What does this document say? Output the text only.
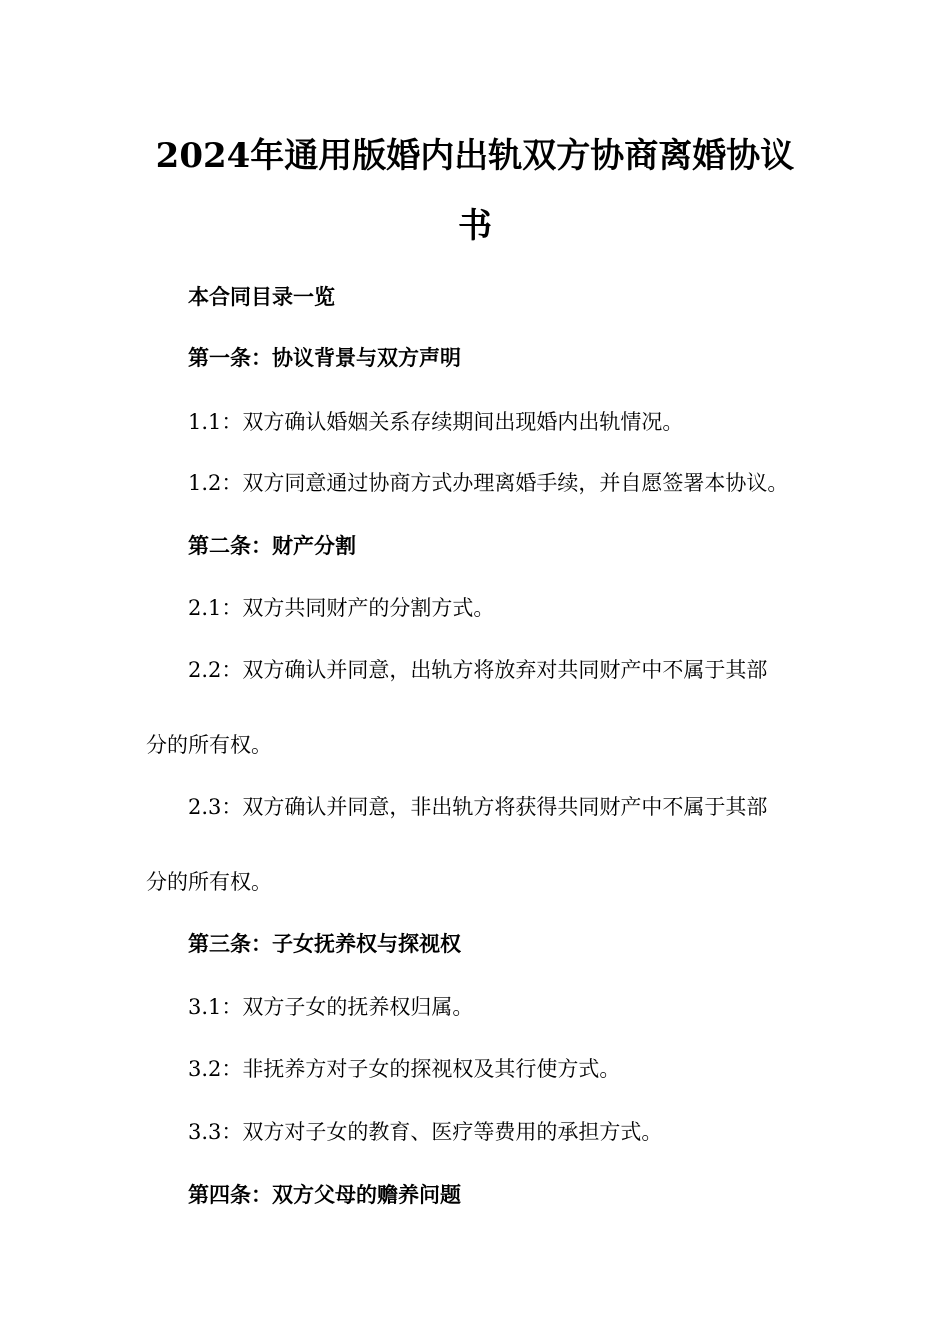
2024年通用版婚内出轨双方协商离婚协议
书
本合同目录一览
第一条：协议背景与双方声明
1.1：双方确认婚姻关系存续期间出现婚内出轨情况。
1.2：双方同意通过协商方式办理离婚手续，并自愿签署本协议。
第二条：财产分割
2.1：双方共同财产的分割方式。
2.2：双方确认并同意，出轨方将放弃对共同财产中不属于其部
分的所有权。
2.3：双方确认并同意，非出轨方将获得共同财产中不属于其部
分的所有权。
第三条：子女抚养权与探视权
3.1：双方子女的抚养权归属。
3.2：非抚养方对子女的探视权及其行使方式。
3.3：双方对子女的教育、医疗等费用的承担方式。
第四条：双方父母的赡养问题
